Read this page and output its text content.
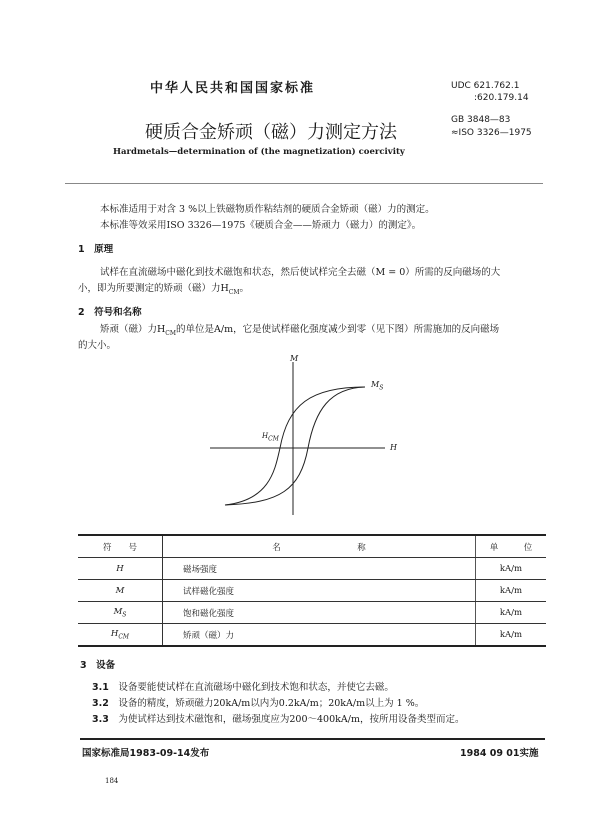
中华人民共和国国家标准	UDC 621.762.1
:620.179.14
硬质合金矫顽（磁）力测定方法
GB 3848—83
≈ISO 3326—1975
Hardmetals—determination of (the magnetization) coercivity
本标准适用于对含 3 %以上铁磁物质作粘结剂的硬质合金矫顽（磁）力的测定。
本标准等效采用ISO 3326—1975《硬质合金——矫顽力（磁力）的测定》。
1　 原理
试样在直流磁场中磁化到技术磁饱和状态，然后使试样完全去磁（M = 0）所需的反向磁场的大
小，即为所要测定的矫顽（磁）力$H_{CM}$。
2　 符号和名称
矫顽（磁）力$H_{CM}$的单位是A/m，它是使试样磁化强度减少到零（见下图）所需施加的反向磁场
的大小。
M
H
$M_S$
$H_{CM}$
符　　号	名　　　　　　　　　称	单　　　位
H	磁场强度	kA/m
M	试样磁化强度	kA/m
$M_S$	饱和磁化强度	kA/m
$H_{CM}$	矫顽（磁）力	kA/m
3　 设备
3.1　 设备要能使试样在直流磁场中磁化到技术饱和状态，并使它去磁。
3.2　 设备的精度，矫顽磁力20kA/m以内为0.2kA/m；20kA/m以上为 1 %。
3.3　 为使试样达到技术磁饱和，磁场强度应为200～400kA/m，按所用设备类型而定。
国家标准局1983-09-14发布	1984 09 01实施
184
